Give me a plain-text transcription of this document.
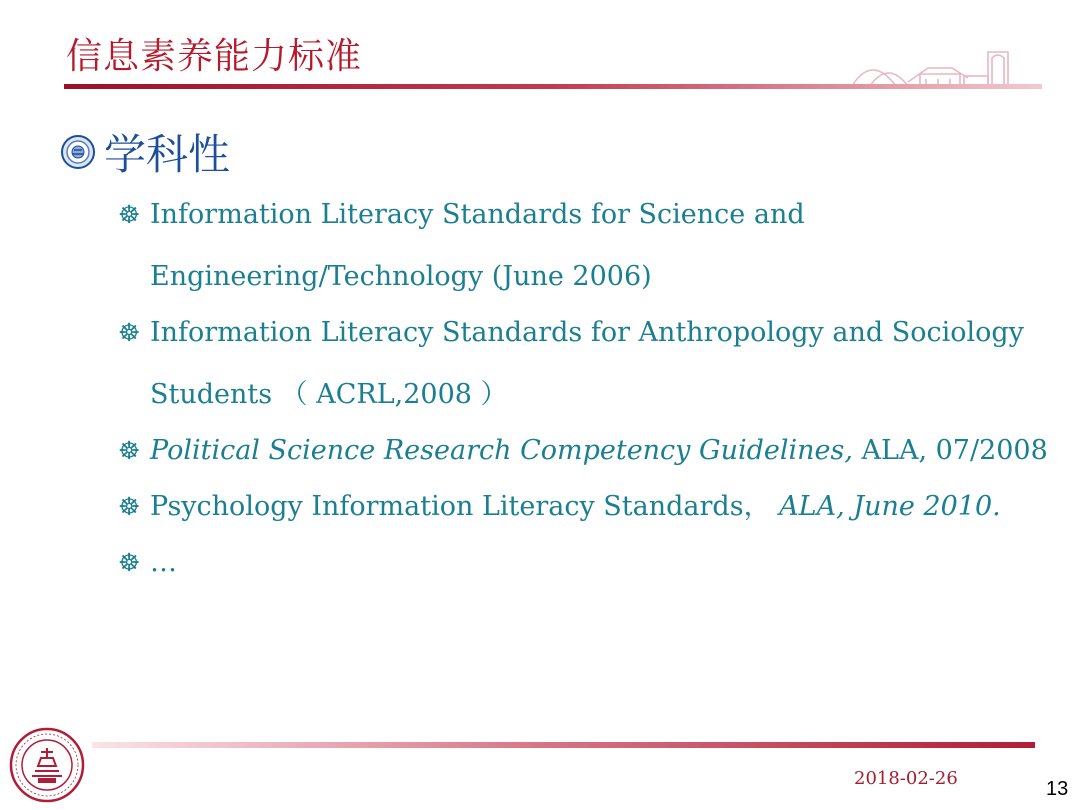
信息素养能力标准
学科性
☸ Information Literacy Standards for Science and Engineering/Technology (June 2006)
☸ Information Literacy Standards for Anthropology and Sociology Students （ ACRL,2008 ）
☸ Political Science Research Competency Guidelines, ALA, 07/2008
☸ Psychology Information Literacy Standards， ALA, June 2010.
☸ …
2018-02-26	13
